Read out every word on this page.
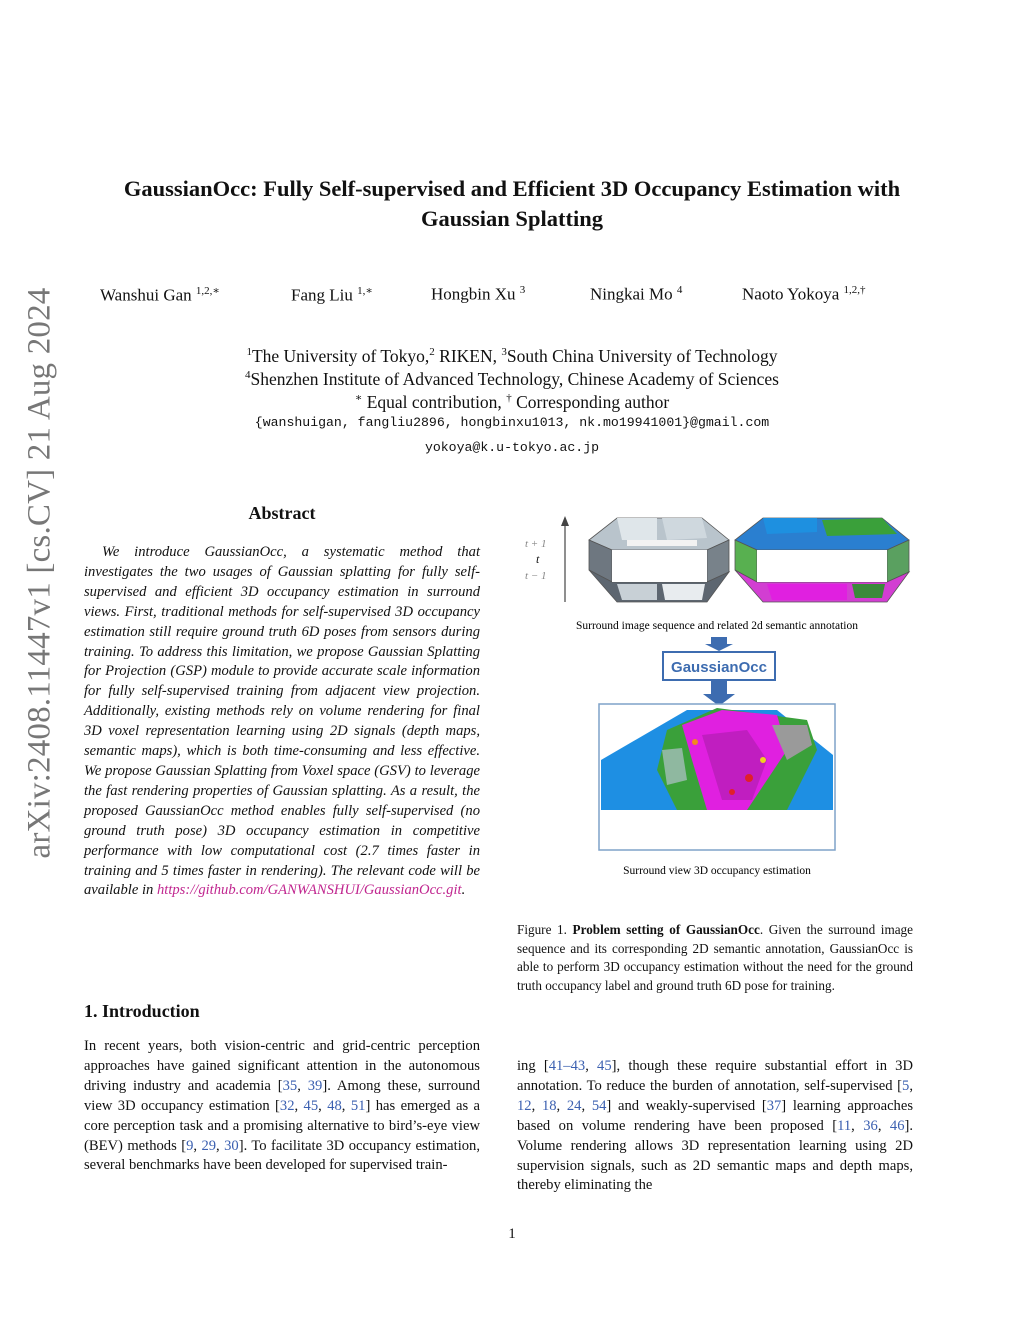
arXiv:2408.11447v1 [cs.CV] 21 Aug 2024
GaussianOcc: Fully Self-supervised and Efficient 3D Occupancy Estimation with
Gaussian Splatting
Wanshui Gan $^{1,2,∗}$	Fang Liu $^{1,∗}$	Hongbin Xu $^3$	Ningkai Mo $^4$	Naoto Yokoya $^{1,2,\dagger}$
$^1$The University of Tokyo,$^2$ RIKEN, $^3$South China University of Technology
$^4$Shenzhen Institute of Advanced Technology, Chinese Academy of Sciences
∗ Equal contribution, † Corresponding author
{wanshuigan, fangliu2896, hongbinxu1013, nk.mo19941001}@gmail.com
yokoya@k.u-tokyo.ac.jp
Abstract
We introduce GaussianOcc, a systematic method that investigates the two usages of Gaussian splatting for fully self-supervised and efficient 3D occupancy estimation in surround views. First, traditional methods for self-supervised 3D occupancy estimation still require ground truth 6D poses from sensors during training. To address this limitation, we propose Gaussian Splatting for Projection (GSP) module to provide accurate scale information for fully self-supervised training from adjacent view projection. Additionally, existing methods rely on volume rendering for final 3D voxel representation learning using 2D signals (depth maps, semantic maps), which is both time-consuming and less effective. We propose Gaussian Splatting from Voxel space (GSV) to leverage the fast rendering properties of Gaussian splatting. As a result, the proposed GaussianOcc method enables fully self-supervised (no ground truth pose) 3D occupancy estimation in competitive performance with low computational cost (2.7 times faster in training and 5 times faster in rendering). The relevant code will be available in https://github.com/GANWANSHUI/GaussianOcc.git.
1. Introduction
In recent years, both vision-centric and grid-centric perception approaches have gained significant attention in the autonomous driving industry and academia [35, 39]. Among these, surround view 3D occupancy estimation [32, 45, 48, 51] has emerged as a core perception task and a promising alternative to bird’s-eye view (BEV) methods [9, 29, 30]. To facilitate 3D occupancy estimation, several benchmarks have been developed for supervised train-
ing [41–43, 45], though these require substantial effort in 3D annotation. To reduce the burden of annotation, self-supervised [5, 12, 18, 24, 54] and weakly-supervised [37] learning approaches based on volume rendering have been proposed [11, 36, 46]. Volume rendering allows 3D representation learning using 2D supervision signals, such as 2D semantic maps and depth maps, thereby eliminating the
t + 1
t
t − 1
Surround image sequence and related 2d semantic annotation
GaussianOcc
Surround view 3D occupancy estimation
Figure 1. Problem setting of GaussianOcc. Given the surround image sequence and its corresponding 2D semantic annotation, GaussianOcc is able to perform 3D occupancy estimation without the need for the ground truth occupancy label and ground truth 6D pose for training.
1
